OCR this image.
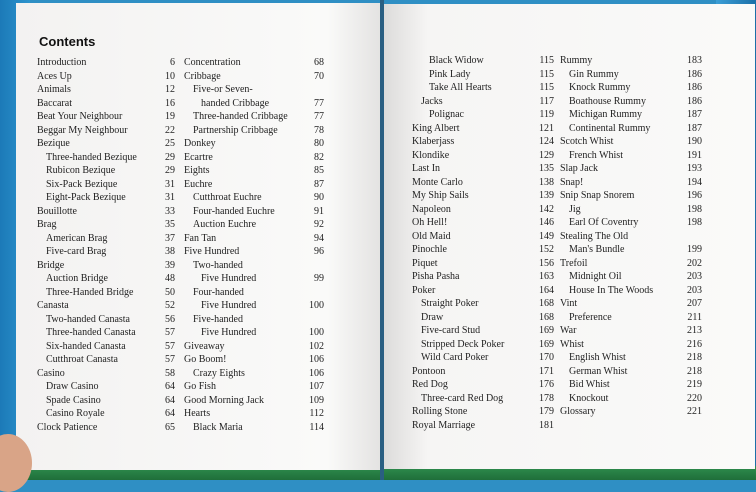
Contents
Introduction	6
Aces Up	10
Animals	12
Baccarat	16
Beat Your Neighbour	19
Beggar My Neighbour	22
Bezique	25
Three-handed Bezique	29
Rubicon Bezique	29
Six-Pack Bezique	31
Eight-Pack Bezique	31
Bouillotte	33
Brag	35
American Brag	37
Five-card Brag	38
Bridge	39
Auction Bridge	48
Three-Handed Bridge	50
Canasta	52
Two-handed Canasta	56
Three-handed Canasta	57
Six-handed Canasta	57
Cutthroat Canasta	57
Casino	58
Draw Casino	64
Spade Casino	64
Casino Royale	64
Clock Patience	65
Concentration	68
Cribbage	70
Five-or Seven-
handed Cribbage	77
Three-handed Cribbage	77
Partnership Cribbage	78
Donkey	80
Ecartre	82
Eights	85
Euchre	87
Cutthroat Euchre	90
Four-handed Euchre	91
Auction Euchre	92
Fan Tan	94
Five Hundred	96
Two-handed
Five Hundred	99
Four-handed
Five Hundred	100
Five-handed
Five Hundred	100
Giveaway	102
Go Boom!	106
Crazy Eights	106
Go Fish	107
Good Morning Jack	109
Hearts	112
Black Maria	114
Black Widow	115
Pink Lady	115
Take All Hearts	115
Jacks	117
Polignac	119
King Albert	121
Klaberjass	124
Klondike	129
Last In	135
Monte Carlo	138
My Ship Sails	139
Napoleon	142
Oh Hell!	146
Old Maid	149
Pinochle	152
Piquet	156
Pisha Pasha	163
Poker	164
Straight Poker	168
Draw	168
Five-card Stud	169
Stripped Deck Poker	169
Wild Card Poker	170
Pontoon	171
Red Dog	176
Three-card Red Dog	178
Rolling Stone	179
Royal Marriage	181
Rummy	183
Gin Rummy	186
Knock Rummy	186
Boathouse Rummy	186
Michigan Rummy	187
Continental Rummy	187
Scotch Whist	190
French Whist	191
Slap Jack	193
Snap!	194
Snip Snap Snorem	196
Jig	198
Earl Of Coventry	198
Stealing The Old
Man's Bundle	199
Trefoil	202
Midnight Oil	203
House In The Woods	203
Vint	207
Preference	211
War	213
Whist	216
English Whist	218
German Whist	218
Bid Whist	219
Knockout	220
Glossary	221
